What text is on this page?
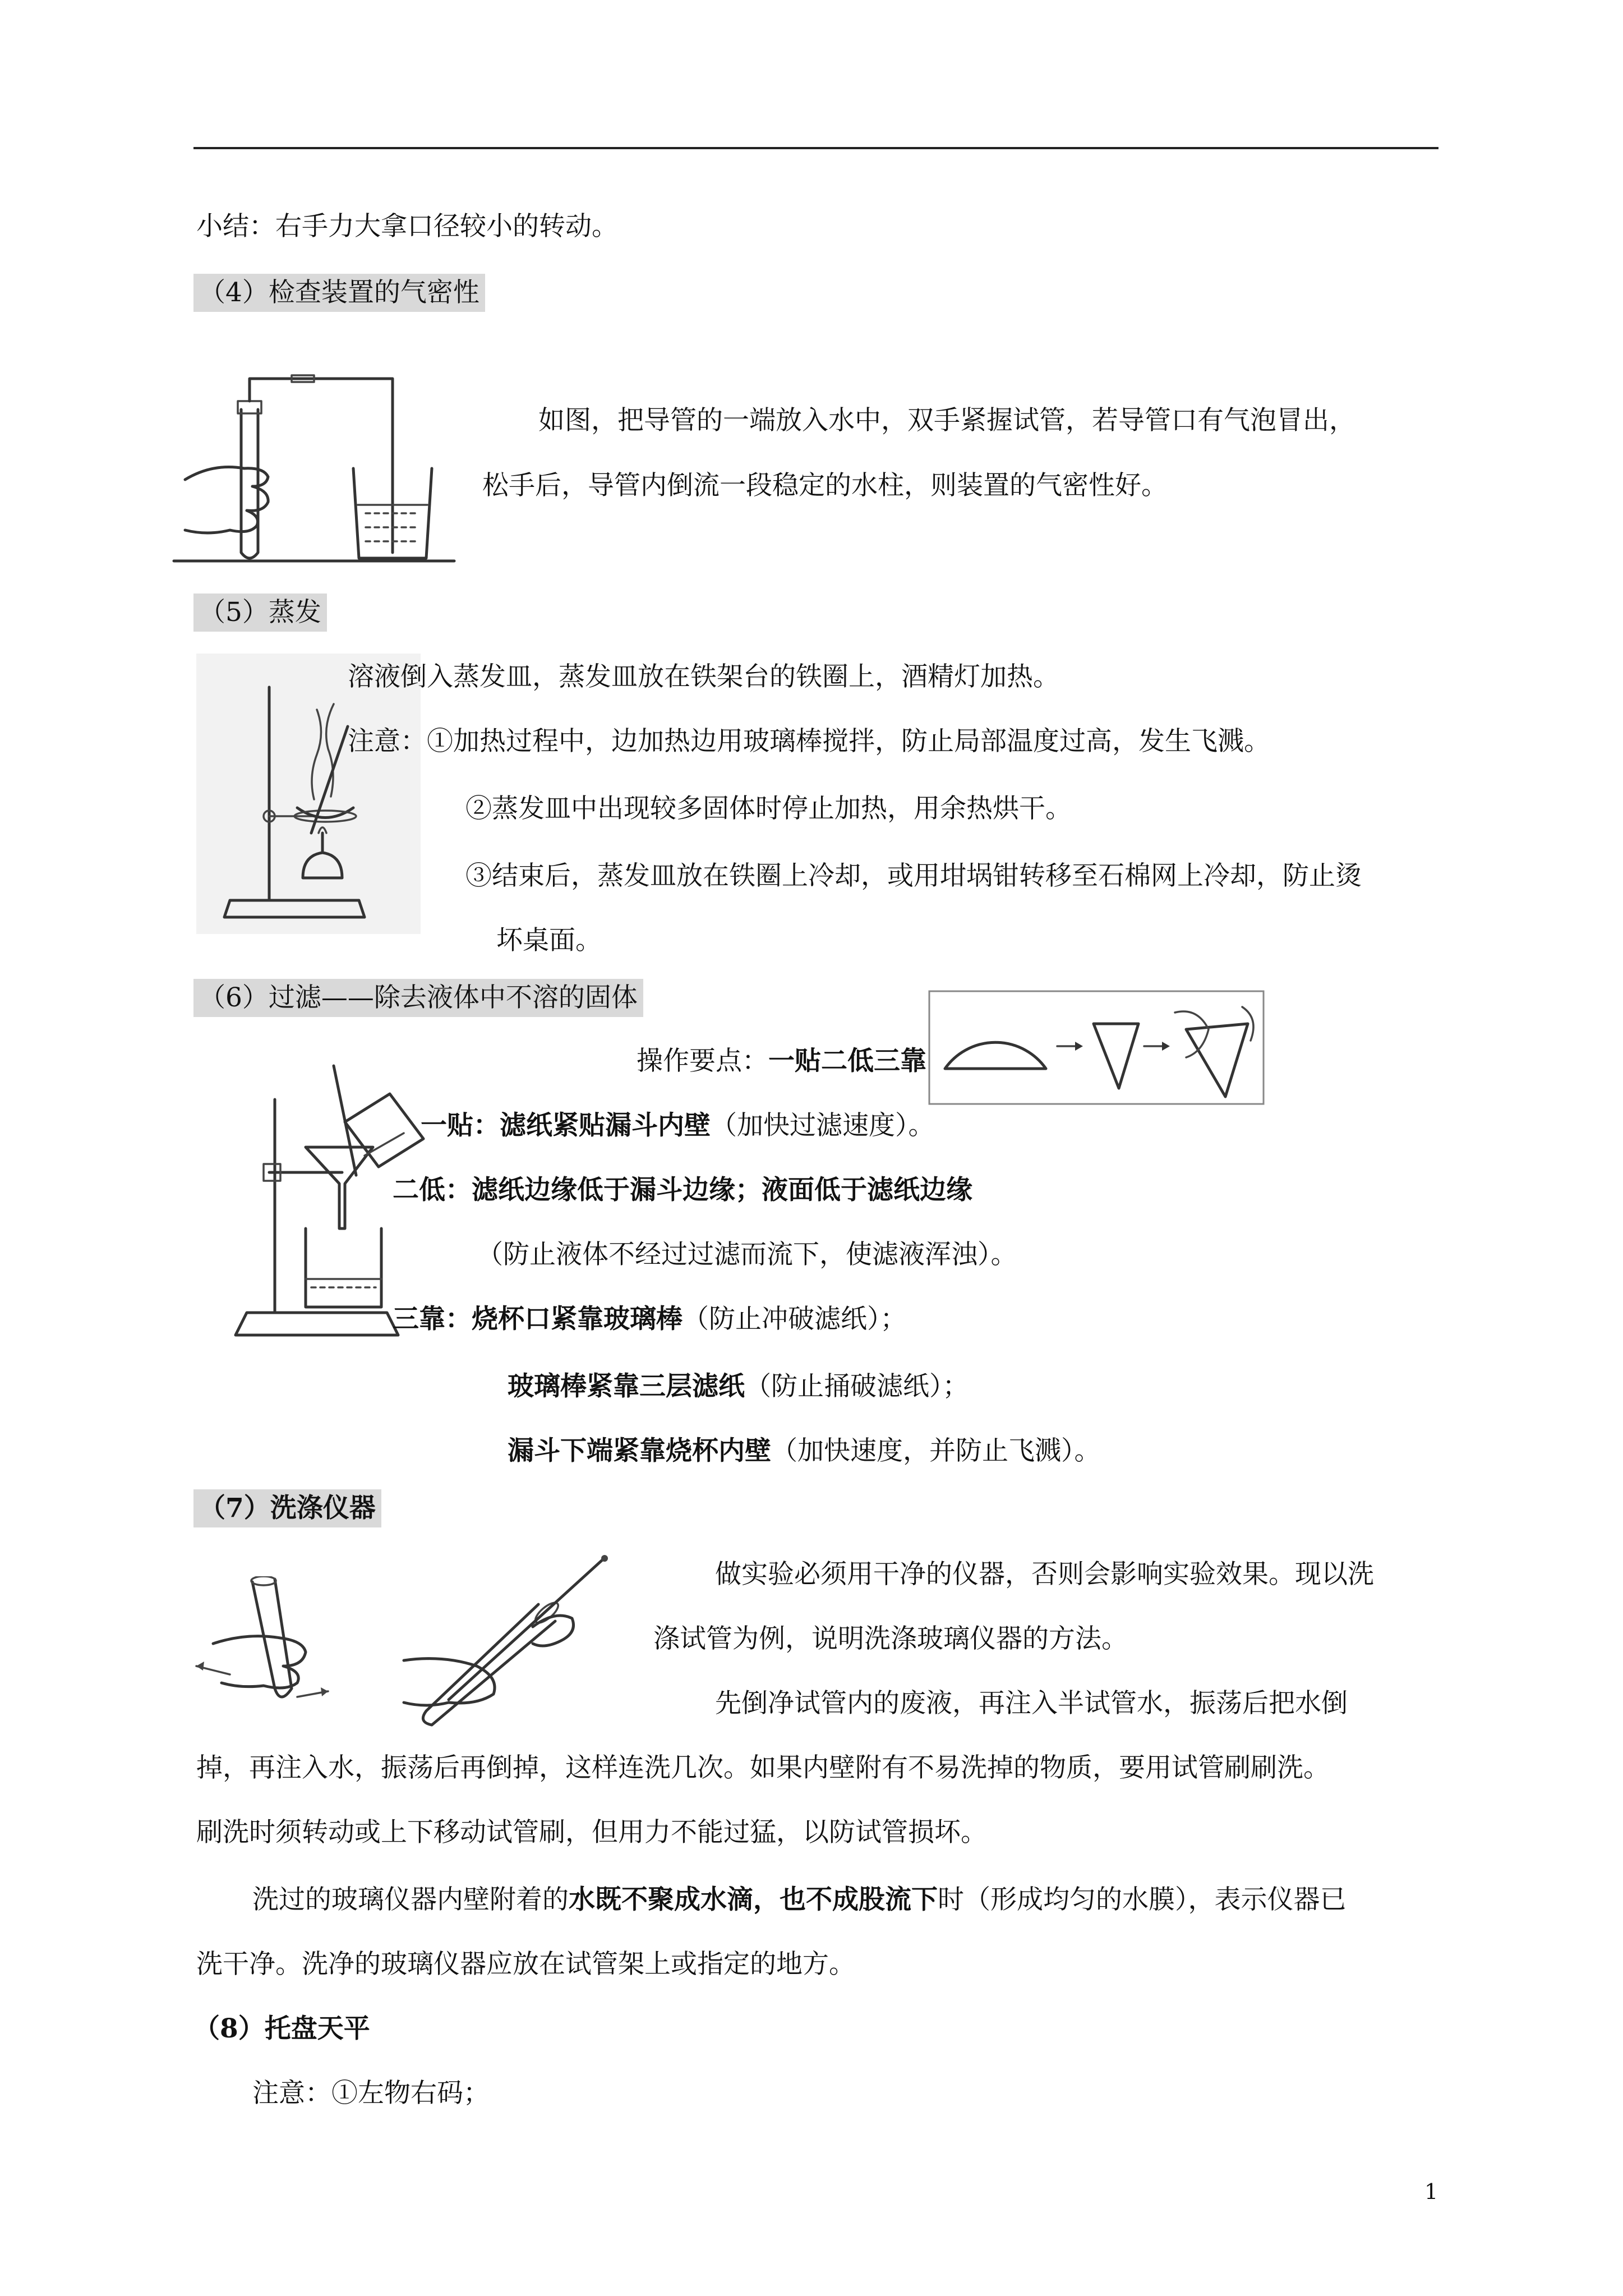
小结：右手力大拿口径较小的转动。
（4）检查装置的气密性
如图，把导管的一端放入水中，双手紧握试管，若导管口有气泡冒出，
松手后，导管内倒流一段稳定的水柱，则装置的气密性好。
（5）蒸发
溶液倒入蒸发皿，蒸发皿放在铁架台的铁圈上，酒精灯加热。
注意：①加热过程中，边加热边用玻璃棒搅拌，防止局部温度过高，发生飞溅。
②蒸发皿中出现较多固体时停止加热，用余热烘干。
③结束后，蒸发皿放在铁圈上冷却，或用坩埚钳转移至石棉网上冷却，防止烫
坏桌面。
（6）过滤——除去液体中不溶的固体
操作要点：一贴二低三靠
一贴：滤纸紧贴漏斗内壁（加快过滤速度）。
二低：滤纸边缘低于漏斗边缘；液面低于滤纸边缘
（防止液体不经过过滤而流下，使滤液浑浊）。
三靠：烧杯口紧靠玻璃棒（防止冲破滤纸）；
玻璃棒紧靠三层滤纸（防止捅破滤纸）；
漏斗下端紧靠烧杯内壁（加快速度，并防止飞溅）。
（7）洗涤仪器
做实验必须用干净的仪器，否则会影响实验效果。现以洗
涤试管为例，说明洗涤玻璃仪器的方法。
先倒净试管内的废液，再注入半试管水，振荡后把水倒
掉，再注入水，振荡后再倒掉，这样连洗几次。如果内壁附有不易洗掉的物质，要用试管刷刷洗。
刷洗时须转动或上下移动试管刷，但用力不能过猛，以防试管损坏。
洗过的玻璃仪器内壁附着的水既不聚成水滴，也不成股流下时（形成均匀的水膜），表示仪器已
洗干净。洗净的玻璃仪器应放在试管架上或指定的地方。
（8）托盘天平
注意：①左物右码；
1
